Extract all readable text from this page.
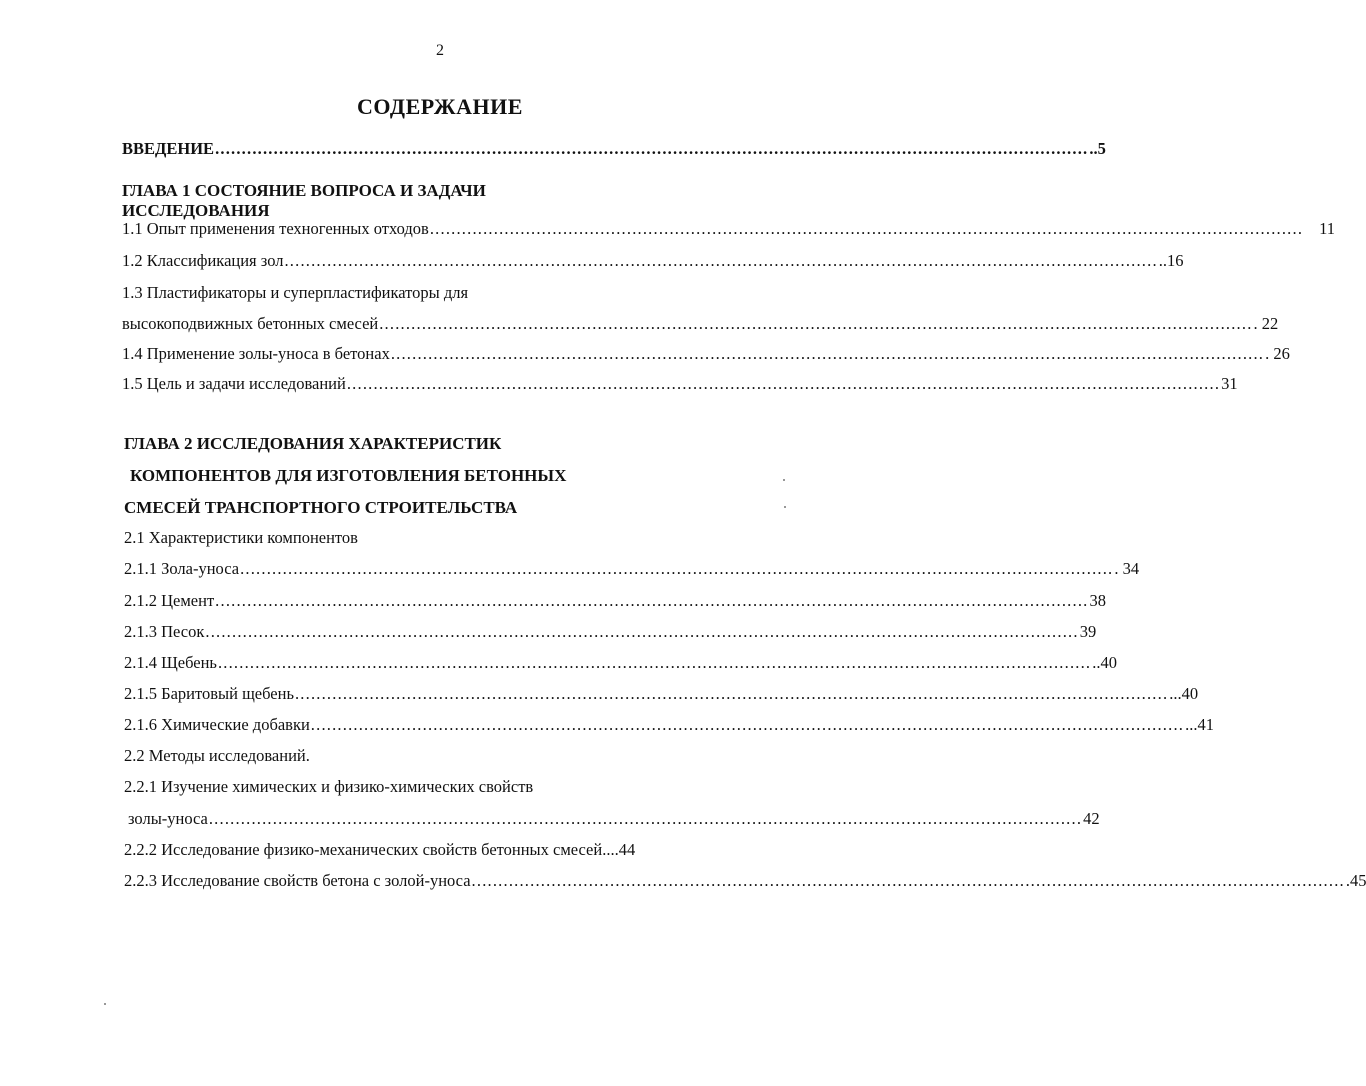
2
СОДЕРЖАНИЕ
ВВЕДЕНИЕ .................................................................................................................................................................... ..5
ГЛАВА 1 СОСТОЯНИЕ ВОПРОСА И ЗАДАЧИ
ИССЛЕДОВАНИЯ
1.1 Опыт применения техногенных отходов .................................................................................................................................................................... 11
1.2 Классификация зол .................................................................................................................................................................... ..16
1.3 Пластификаторы и суперпластификаторы для
высокоподвижных бетонных смесей .................................................................................................................................................................... . 22
1.4 Применение золы-уноса в бетонах .................................................................................................................................................................... . 26
1.5 Цель и задачи исследований .................................................................................................................................................................... 31
ГЛАВА 2 ИССЛЕДОВАНИЯ ХАРАКТЕРИСТИК
КОМПОНЕНТОВ ДЛЯ ИЗГОТОВЛЕНИЯ БЕТОННЫХ
СМЕСЕЙ ТРАНСПОРТНОГО СТРОИТЕЛЬСТВА
2.1 Характеристики компонентов
2.1.1 Зола-уноса .................................................................................................................................................................... . 34
2.1.2 Цемент .................................................................................................................................................................... 38
2.1.3 Песок .................................................................................................................................................................... 39
2.1.4 Щебень .................................................................................................................................................................... ..40
2.1.5 Баритовый щебень .................................................................................................................................................................... ...40
2.1.6 Химические добавки .................................................................................................................................................................... ...41
2.2 Методы исследований.
2.2.1 Изучение химических и физико-химических свойств
золы-уноса .................................................................................................................................................................... 42
2.2.2 Исследование физико-механических свойств бетонных смесей ....44
2.2.3 Исследование свойств бетона с золой-уноса .................................................................................................................................................................... .45
